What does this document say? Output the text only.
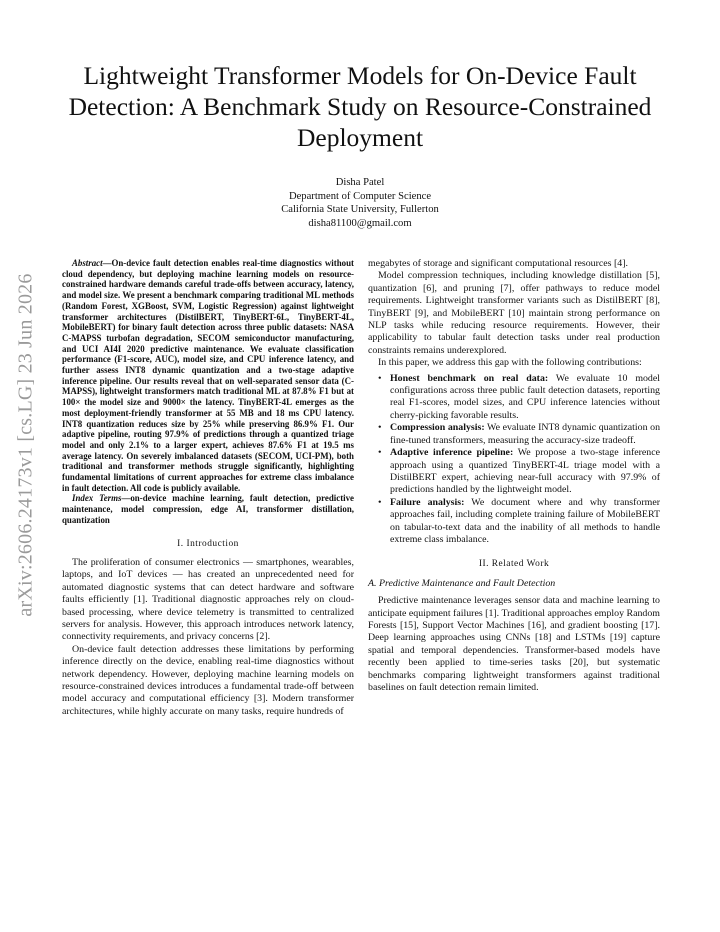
arXiv:2606.24173v1 [cs.LG] 23 Jun 2026
Lightweight Transformer Models for On-Device Fault Detection: A Benchmark Study on Resource-Constrained Deployment
Disha Patel
Department of Computer Science
California State University, Fullerton
disha81100@gmail.com

Abstract—On-device fault detection enables real-time diagnostics without cloud dependency, but deploying machine learning models on resource-constrained hardware demands careful trade-offs between accuracy, latency, and model size. We present a benchmark comparing traditional ML methods (Random Forest, XGBoost, SVM, Logistic Regression) against lightweight transformer architectures (DistilBERT, TinyBERT-6L, TinyBERT-4L, MobileBERT) for binary fault detection across three public datasets: NASA C-MAPSS turbofan degradation, SECOM semiconductor manufacturing, and UCI AI4I 2020 predictive maintenance. We evaluate classification performance (F1-score, AUC), model size, and CPU inference latency, and further assess INT8 dynamic quantization and a two-stage adaptive inference pipeline. Our results reveal that on well-separated sensor data (C-MAPSS), lightweight transformers match traditional ML at 87.8% F1 but at 100× the model size and 9000× the latency. TinyBERT-4L emerges as the most deployment-friendly transformer at 55 MB and 18 ms CPU latency. INT8 quantization reduces size by 25% while preserving 86.9% F1. Our adaptive pipeline, routing 97.9% of predictions through a quantized triage model and only 2.1% to a larger expert, achieves 87.6% F1 at 19.5 ms average latency. On severely imbalanced datasets (SECOM, UCI-PM), both traditional and transformer methods struggle significantly, highlighting fundamental limitations of current approaches for extreme class imbalance in fault detection. All code is publicly available.

Index Terms—on-device machine learning, fault detection, predictive maintenance, model compression, edge AI, transformer distillation, quantization

I. Introduction

The proliferation of consumer electronics — smartphones, wearables, laptops, and IoT devices — has created an unprecedented need for automated diagnostic systems that can detect hardware and software faults efficiently [1]. Traditional diagnostic approaches rely on cloud-based processing, where device telemetry is transmitted to centralized servers for analysis. However, this approach introduces network latency, connectivity requirements, and privacy concerns [2].

On-device fault detection addresses these limitations by performing inference directly on the device, enabling real-time diagnostics without network dependency. However, deploying machine learning models on resource-constrained devices introduces a fundamental trade-off between model accuracy and computational efficiency [3]. Modern transformer architectures, while highly accurate on many tasks, require hundreds of

megabytes of storage and significant computational resources [4].

Model compression techniques, including knowledge distillation [5], quantization [6], and pruning [7], offer pathways to reduce model requirements. Lightweight transformer variants such as DistilBERT [8], TinyBERT [9], and MobileBERT [10] maintain strong performance on NLP tasks while reducing resource requirements. However, their applicability to tabular fault detection tasks under real production constraints remains underexplored.

In this paper, we address this gap with the following contributions:

• Honest benchmark on real data: We evaluate 10 model configurations across three public fault detection datasets, reporting real F1-scores, model sizes, and CPU inference latencies without cherry-picking favorable results.
• Compression analysis: We evaluate INT8 dynamic quantization on fine-tuned transformers, measuring the accuracy-size tradeoff.
• Adaptive inference pipeline: We propose a two-stage inference approach using a quantized TinyBERT-4L triage model with a DistilBERT expert, achieving near-full accuracy with 97.9% of predictions handled by the lightweight model.
• Failure analysis: We document where and why transformer approaches fail, including complete training failure of MobileBERT on tabular-to-text data and the inability of all methods to handle extreme class imbalance.
II. Related Work
A. Predictive Maintenance and Fault Detection

Predictive maintenance leverages sensor data and machine learning to anticipate equipment failures [1]. Traditional approaches employ Random Forests [15], Support Vector Machines [16], and gradient boosting [17]. Deep learning approaches using CNNs [18] and LSTMs [19] capture spatial and temporal dependencies. Transformer-based models have recently been applied to time-series tasks [20], but systematic benchmarks comparing lightweight transformers against traditional baselines on fault detection remain limited.
